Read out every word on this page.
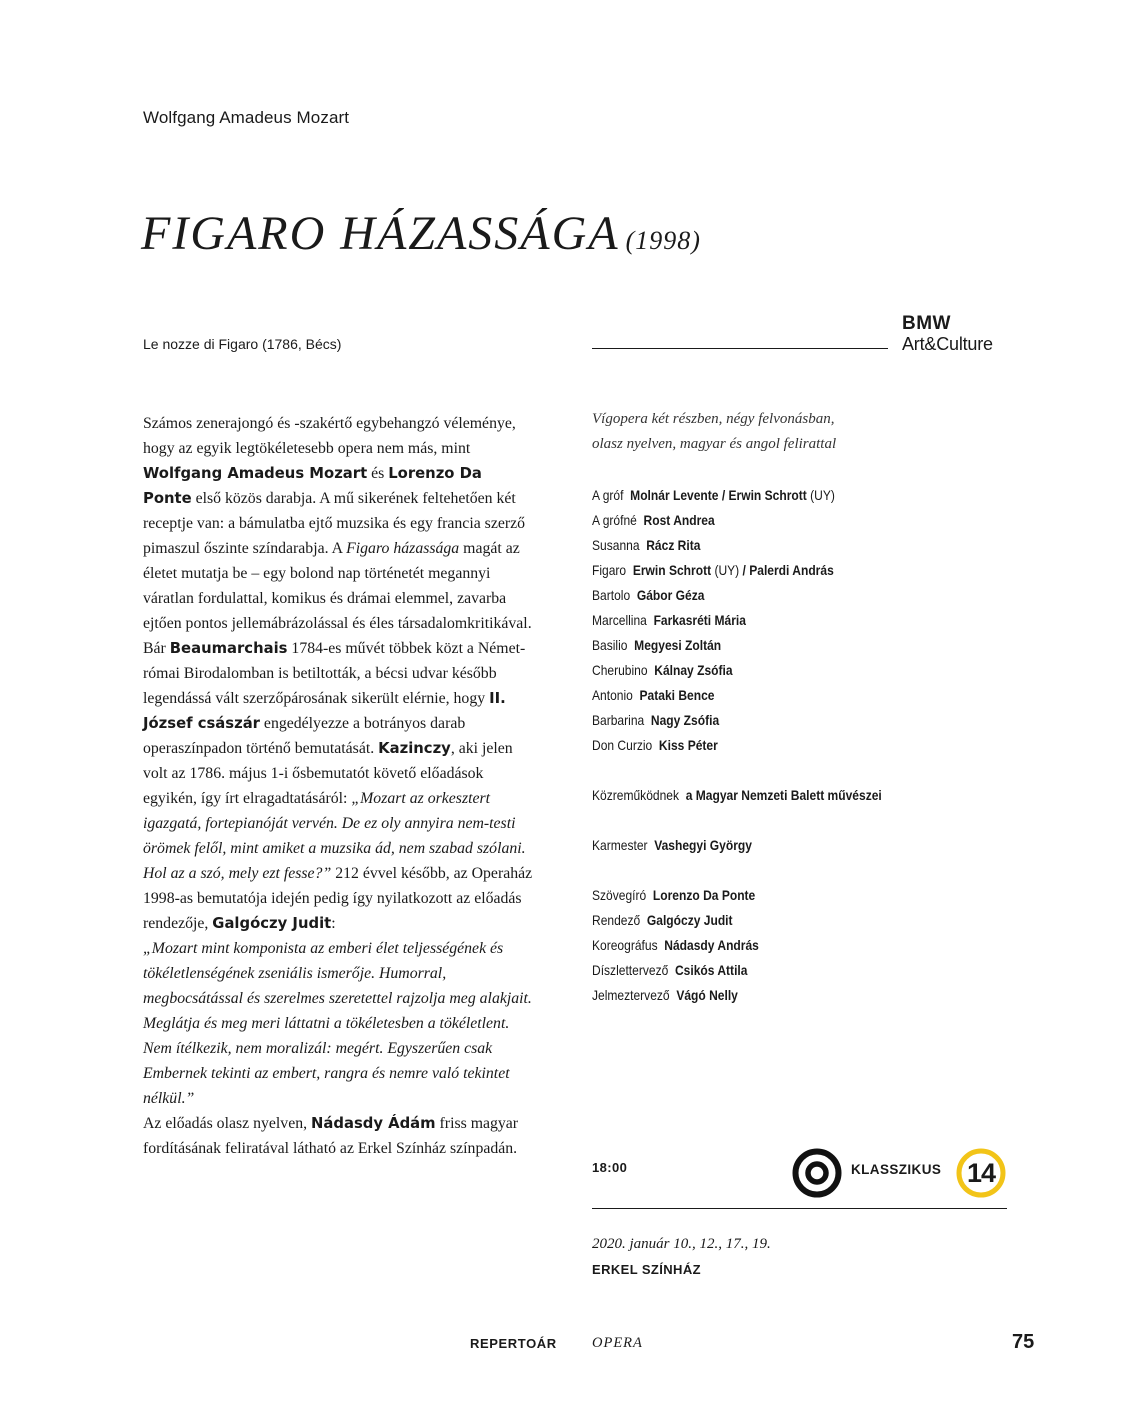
Wolfgang Amadeus Mozart
FIGARO HÁZASSÁGA (1998)
Le nozze di Figaro (1786, Bécs)
BMW
Art&Culture

Számos zenerajongó és -szakértő egybehangzó véleménye, hogy az egyik legtökéletesebb opera nem más, mint Wolfgang Amadeus Mozart és Lorenzo Da Ponte első közös darabja. A mű sikerének feltehetően két receptje van: a bámulatba ejtő muzsika és egy francia szerző pimaszul őszinte színdarabja. A Figaro házassága magát az életet mutatja be – egy bolond nap történetét megannyi váratlan fordulattal, komikus és drámai elemmel, zavarba ejtően pontos jellemábrázolással és éles társadalomkritikával.

Bár Beaumarchais 1784-es művét többek közt a Német-római Birodalomban is betiltották, a bécsi udvar később legendássá vált szerzőpárosának sikerült elérnie, hogy II. József császár engedélyezze a botrányos darab operaszínpadon történő bemutatását. Kazinczy, aki jelen volt az 1786. május 1-i ősbemutatót követő előadások egyikén, így írt elragadtatásáról: „Mozart az orkesztert igazgatá, fortepianóját vervén. De ez oly annyira nem-testi örömek felől, mint amiket a muzsika ád, nem szabad szólani. Hol az a szó, mely ezt fesse?” 212 évvel később, az Operaház 1998-as bemutatója idején pedig így nyilatkozott az előadás rendezője, Galgóczy Judit:

„Mozart mint komponista az emberi élet teljességének és tökéletlenségének zseniális ismerője. Humorral, megbocsátással és szerelmes szeretettel rajzolja meg alakjait. Meglátja és meg meri láttatni a tökéletesben a tökéletlent. Nem ítélkezik, nem moralizál: megért. Egyszerűen csak Embernek tekinti az embert, rangra és nemre való tekintet nélkül.”

Az előadás olasz nyelven, Nádasdy Ádám friss magyar fordításának feliratával látható az Erkel Színház színpadán.

Vígopera két részben, négy felvonásban,
olasz nyelven, magyar és angol felirattal
A gróf Molnár Levente / Erwin Schrott (UY)
A grófné Rost Andrea
Susanna Rácz Rita
Figaro Erwin Schrott (UY) / Palerdi András
Bartolo Gábor Géza
Marcellina Farkasréti Mária
Basilio Megyesi Zoltán
Cherubino Kálnay Zsófia
Antonio Pataki Bence
Barbarina Nagy Zsófia
Don Curzio Kiss Péter
Közreműködnek a Magyar Nemzeti Balett művészei
Karmester Vashegyi György
Szövegíró Lorenzo Da Ponte
Rendező Galgóczy Judit
Koreográfus Nádasdy András
Díszlettervező Csikós Attila
Jelmeztervező Vágó Nelly
18:00	KLASSZIKUS 14
2020. január 10., 12., 17., 19.
ERKEL SZÍNHÁZ
REPERTOÁR OPERA	75
